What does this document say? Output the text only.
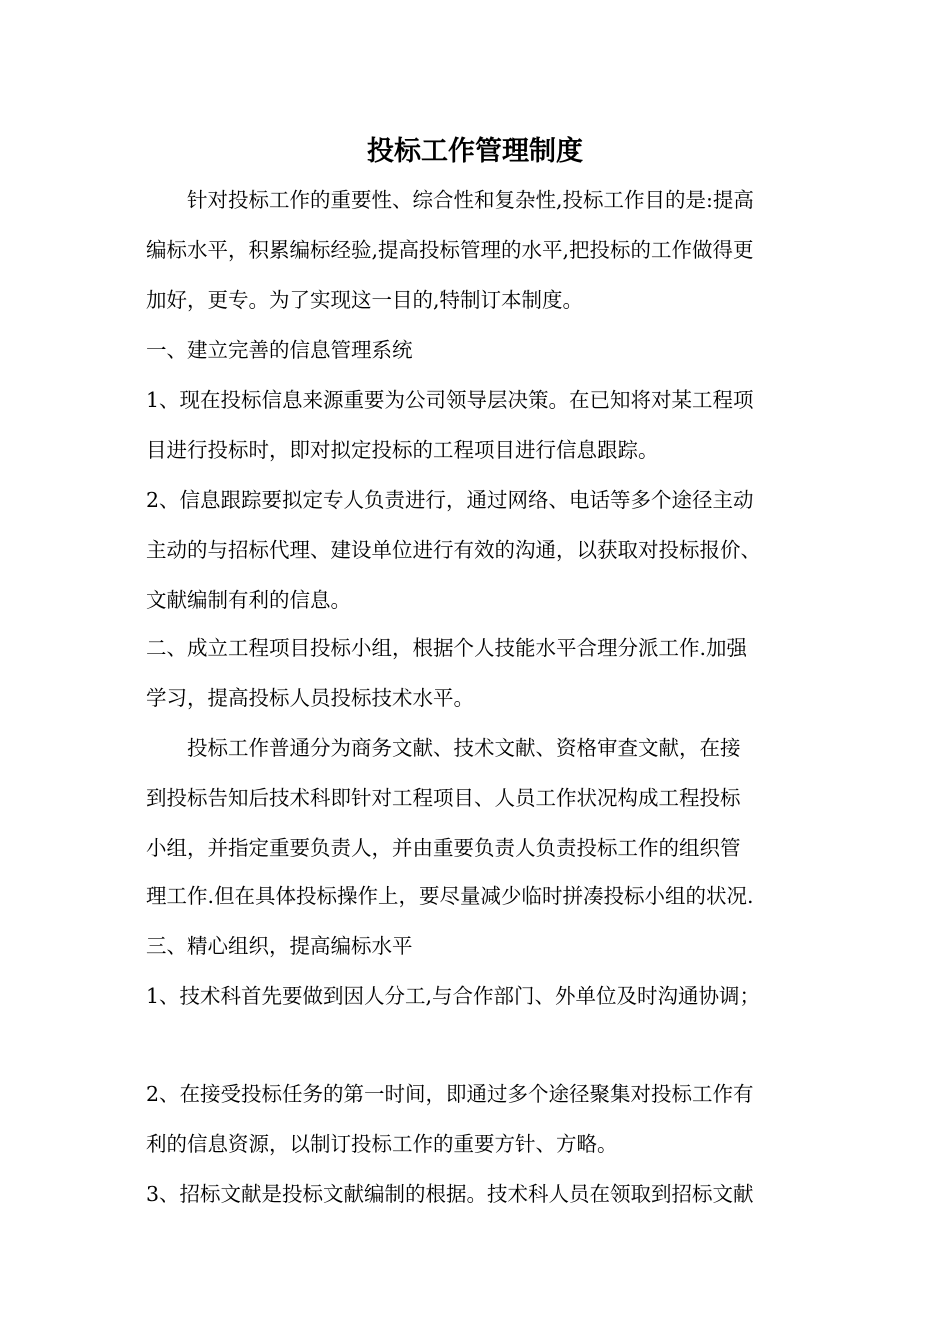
投标工作管理制度
针对投标工作的重要性、综合性和复杂性,投标工作目的是:提高
编标水平，积累编标经验,提高投标管理的水平,把投标的工作做得更
加好，更专。为了实现这一目的,特制订本制度。
一、建立完善的信息管理系统
1、现在投标信息来源重要为公司领导层决策。在已知将对某工程项
目进行投标时，即对拟定投标的工程项目进行信息跟踪。
2、信息跟踪要拟定专人负责进行，通过网络、电话等多个途径主动
主动的与招标代理、建设单位进行有效的沟通，以获取对投标报价、
文献编制有利的信息。
二、成立工程项目投标小组，根据个人技能水平合理分派工作.加强
学习，提高投标人员投标技术水平。
投标工作普通分为商务文献、技术文献、资格审查文献，在接
到投标告知后技术科即针对工程项目、人员工作状况构成工程投标
小组，并指定重要负责人，并由重要负责人负责投标工作的组织管
理工作.但在具体投标操作上，要尽量减少临时拼凑投标小组的状况.
三、精心组织，提高编标水平
1、技术科首先要做到因人分工,与合作部门、外单位及时沟通协调；
2、在接受投标任务的第一时间，即通过多个途径聚集对投标工作有
利的信息资源，以制订投标工作的重要方针、方略。
3、招标文献是投标文献编制的根据。技术科人员在领取到招标文献
